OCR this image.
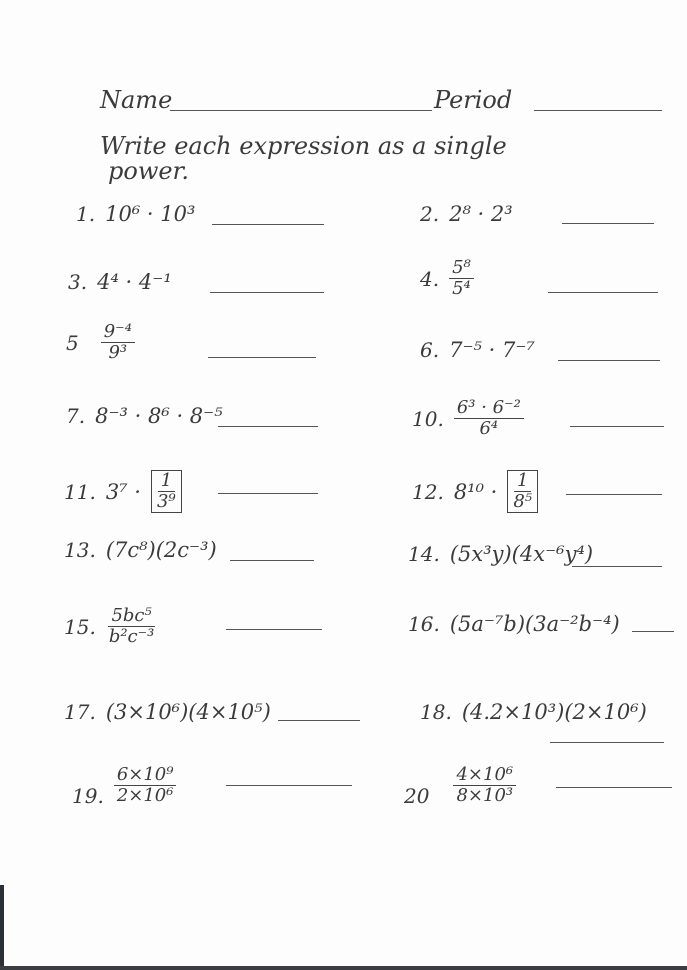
Name	Period
Write each expression as a single
power.
1. 10⁶ · 10³	2. 2⁸ · 2³
3. 4⁴ · 4⁻¹	4. $\frac{\text{5⁸}}{\text{5⁴}}$
$5 \frac{\text{9⁻⁴}}{\text{9³}}$	6. 7⁻⁵ · 7⁻⁷
7. 8⁻³ · 8⁶ · 8⁻⁵	10. $\frac{\text{6³ · 6⁻²}}{\text{6⁴}}$
11. $3^7 \cdot \frac{1}{\text{3⁹}}$	12. $8^{10} \cdot \frac{1}{\text{8⁵}}$
13. (7c⁸)(2c⁻³)	14. (5x³y)(4x⁻⁶y⁴)
15. $\frac{\text{5bc⁵}}{\text{b²c⁻³}}$	16. (5a⁻⁷b)(3a⁻²b⁻⁴)
17. (3×10⁶)(4×10⁵)	18. (4.2×10³)(2×10⁶)
19. $\frac{\text{6×10⁹}}{\text{2×10⁶}}$	$20 \frac{\text{4×10⁶}}{\text{8×10³}}$
